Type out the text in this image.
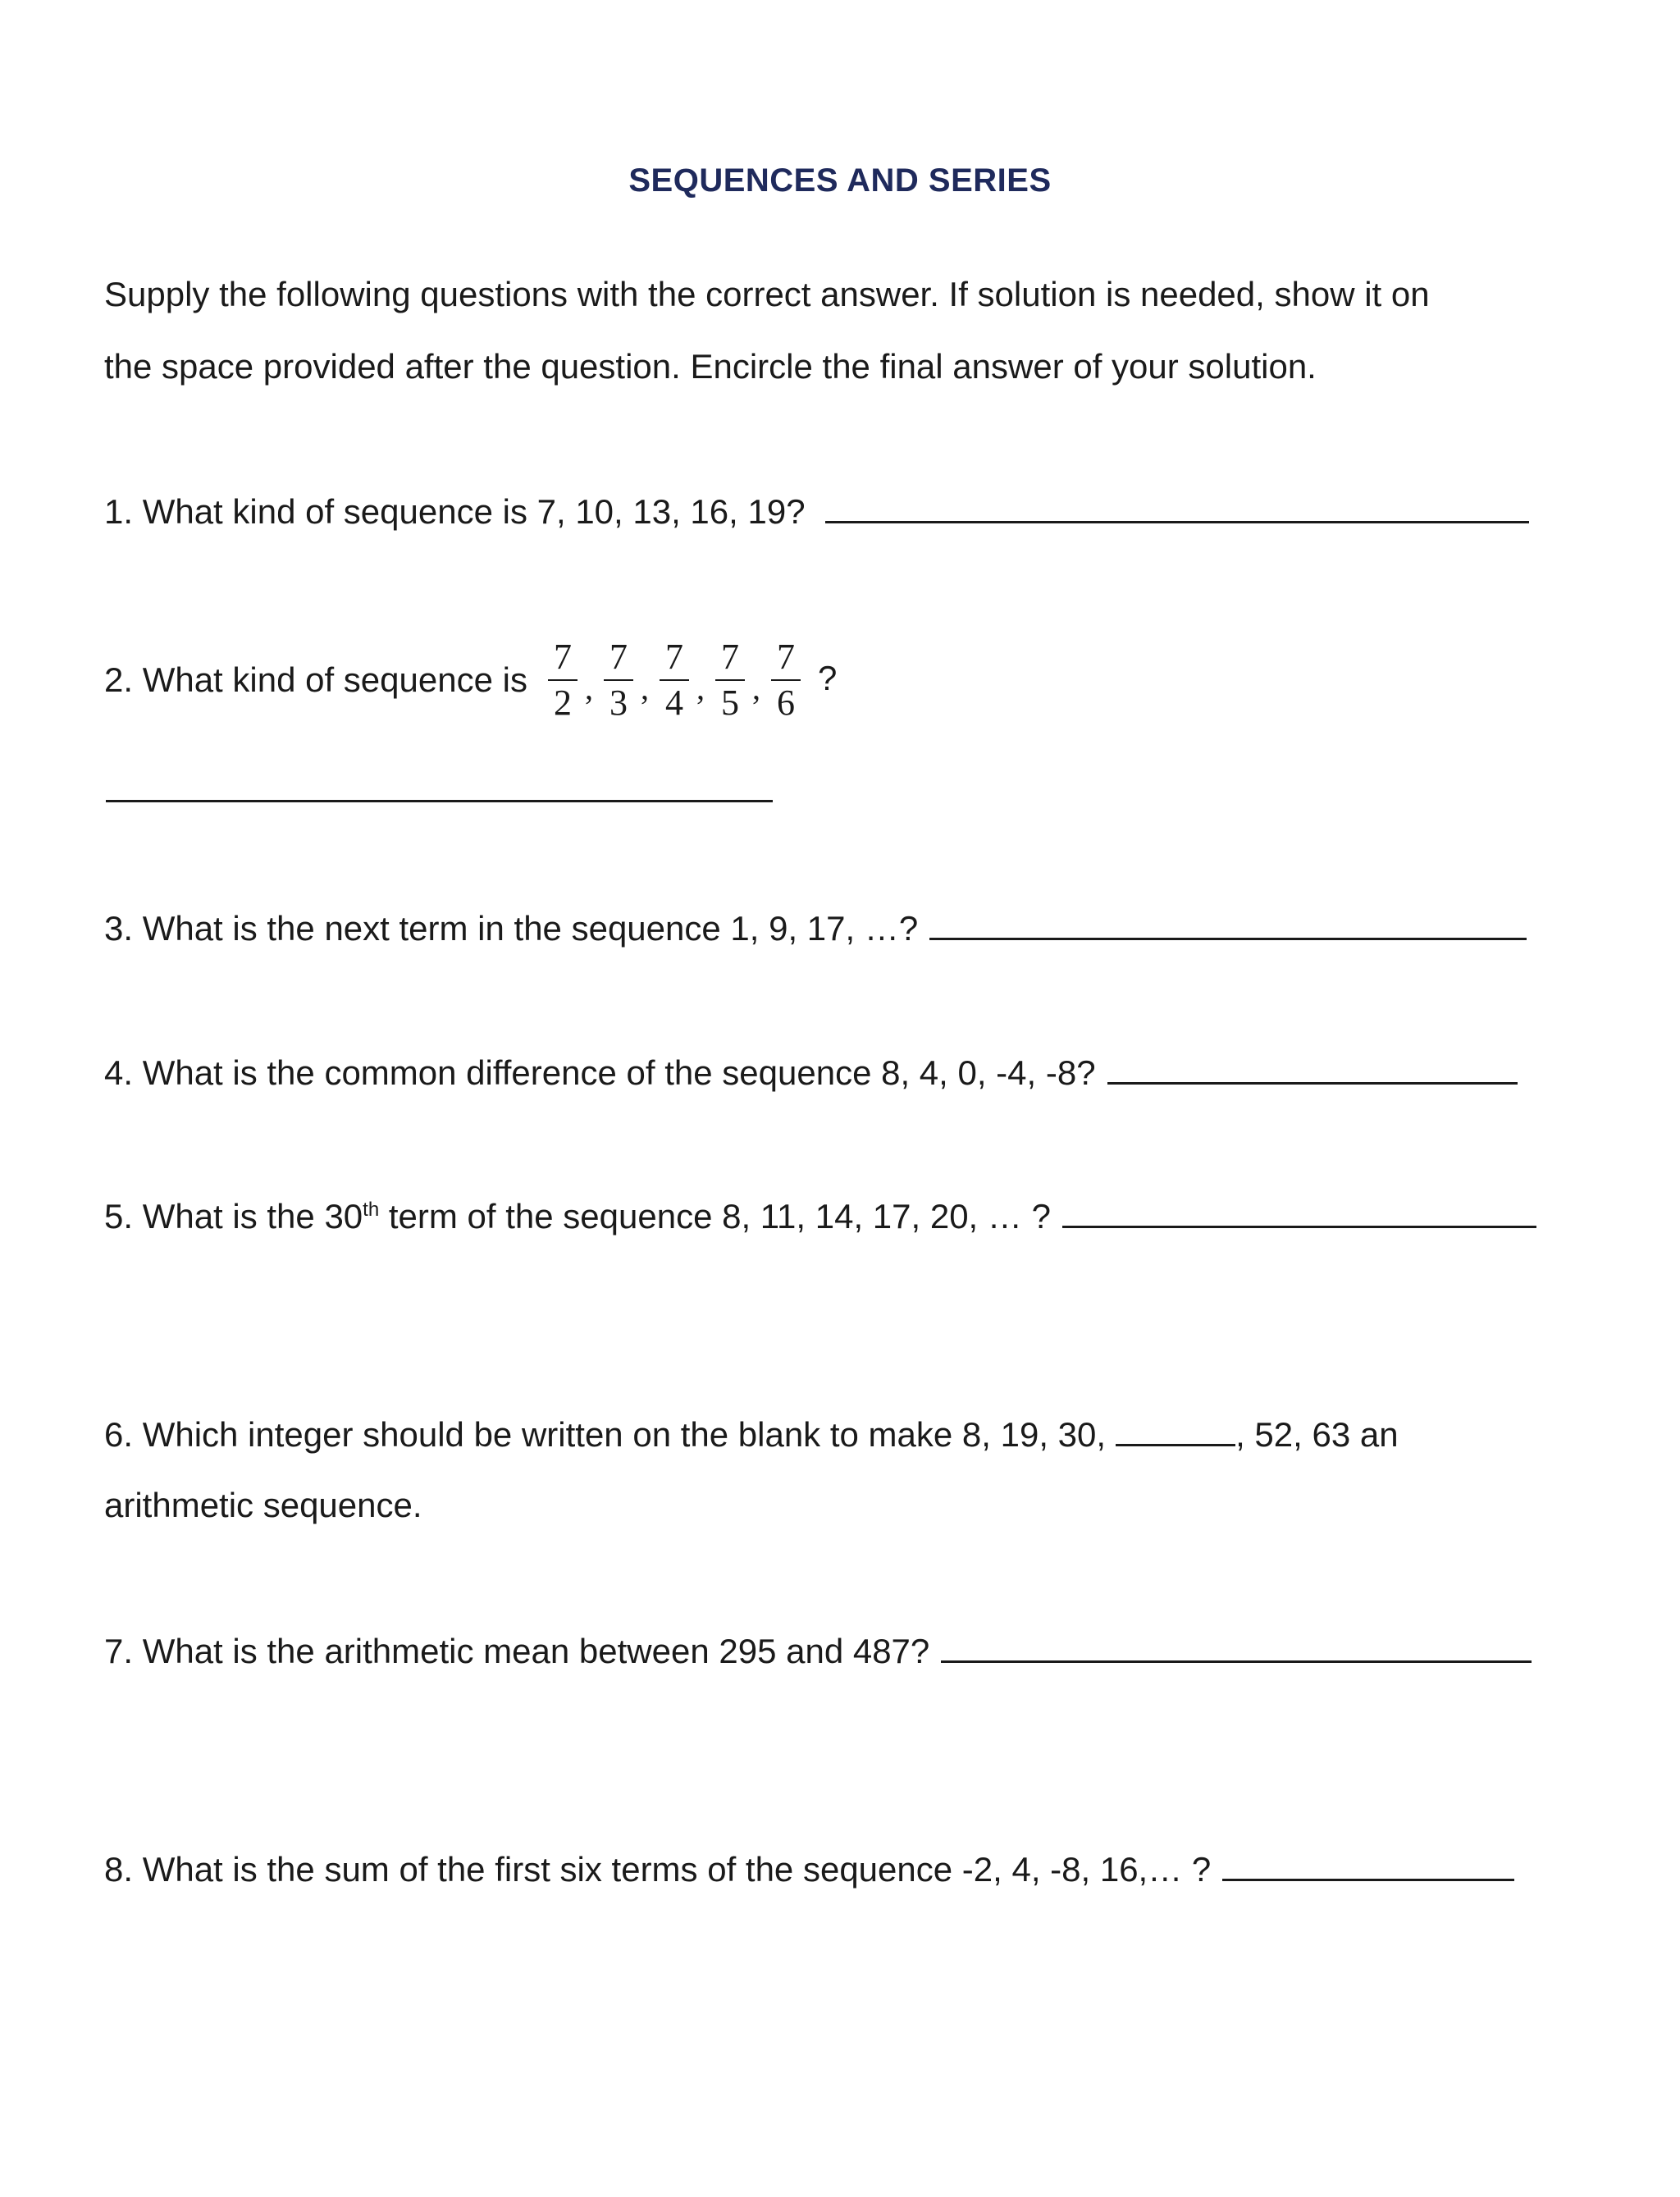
SEQUENCES AND SERIES
Supply the following questions with the correct answer. If solution is needed, show it on
the space provided after the question. Encircle the final answer of your solution.
1. What kind of sequence is 7, 10, 13, 16, 19?
2. What kind of sequence is $\frac{7}{2}$ , $\frac{7}{3}$ , $\frac{7}{4}$ , $\frac{7}{5}$ , $\frac{7}{6}$ ?
3. What is the next term in the sequence 1, 9, 17, …?
4. What is the common difference of the sequence 8, 4, 0, -4, -8?
5. What is the 30th term of the sequence 8, 11, 14, 17, 20, … ?
6. Which integer should be written on the blank to make 8, 19, 30,	, 52, 63 an
arithmetic sequence.
7. What is the arithmetic mean between 295 and 487?
8. What is the sum of the first six terms of the sequence -2, 4, -8, 16,… ?
